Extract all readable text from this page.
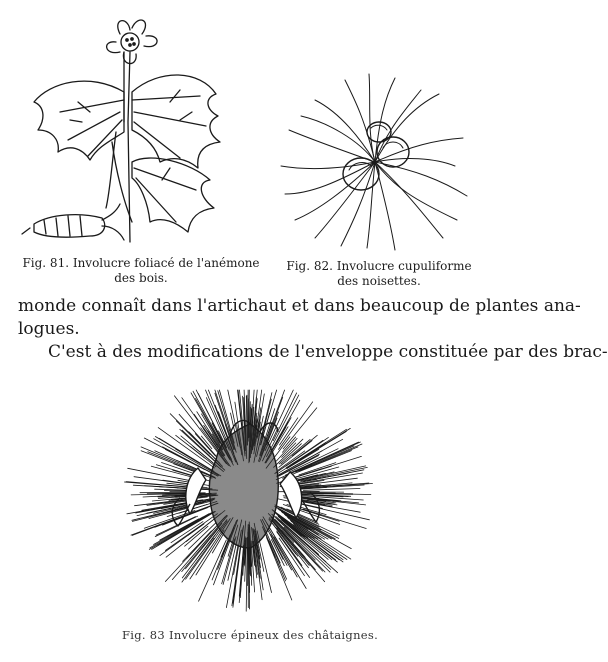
Fig. 81. Involucre foliacé de l'anémone
des bois.
Fig. 82. Involucre cupuliforme
des noisettes.
monde connaît dans l'artichaut et dans beaucoup de plantes ana-
logues.
C'est à des modifications de l'enveloppe constituée par des brac-
Fig. 83 Involucre épineux des châtaignes.
